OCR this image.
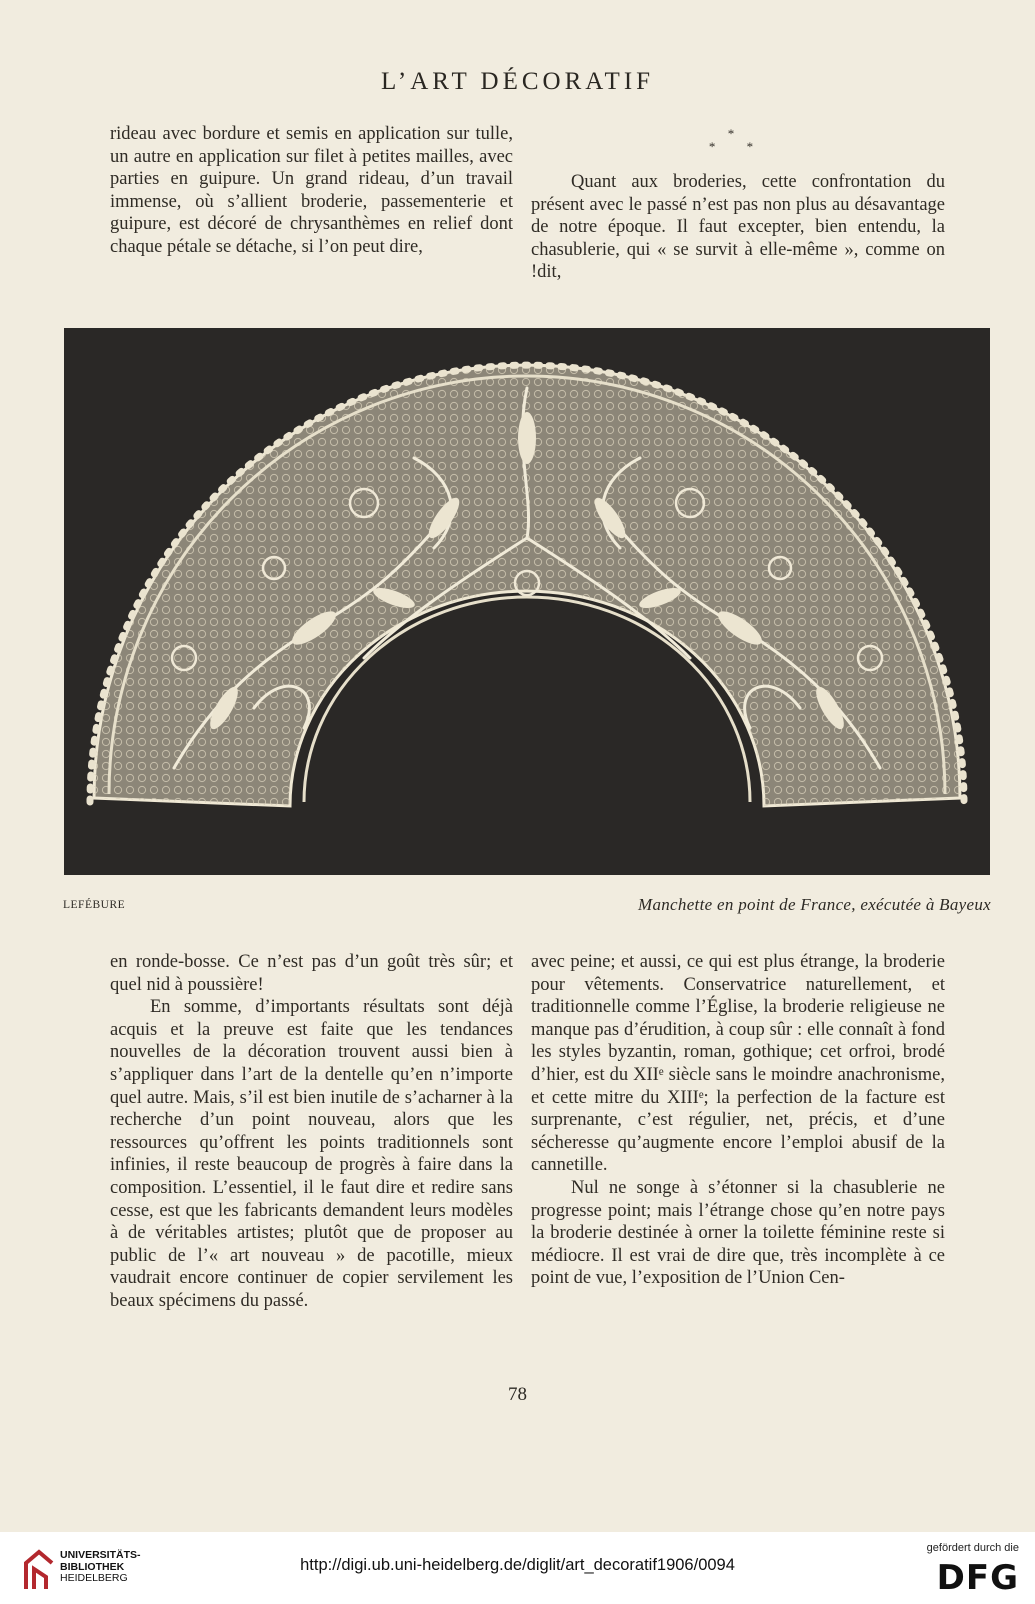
L’ART DÉCORATIF

rideau avec bordure et semis en application sur tulle, un autre en application sur filet à petites mailles, avec parties en guipure. Un grand rideau, d’un travail immense, où s’allient broderie, passementerie et guipure, est décoré de chrysanthèmes en relief dont chaque pétale se détache, si l’on peut dire,

*
* *

Quant aux broderies, cette confrontation du présent avec le passé n’est pas non plus au désavantage de notre époque. Il faut excepter, bien entendu, la chasublerie, qui « se survit à elle-même », comme on !dit,

LEFÉBURE	Manchette en point de France, exécutée à Bayeux

en ronde-bosse. Ce n’est pas d’un goût très sûr; et quel nid à poussière!

En somme, d’importants résultats sont déjà acquis et la preuve est faite que les tendances nouvelles de la décoration trouvent aussi bien à s’appliquer dans l’art de la dentelle qu’en n’importe quel autre. Mais, s’il est bien inutile de s’acharner à la recherche d’un point nouveau, alors que les ressources qu’offrent les points traditionnels sont infinies, il reste beaucoup de progrès à faire dans la composition. L’essentiel, il le faut dire et redire sans cesse, est que les fabricants demandent leurs modèles à de véritables artistes; plutôt que de proposer au public de l’« art nouveau » de pacotille, mieux vaudrait encore continuer de copier servilement les beaux spécimens du passé.

avec peine; et aussi, ce qui est plus étrange, la broderie pour vêtements. Conservatrice naturellement, et traditionnelle comme l’Église, la broderie religieuse ne manque pas d’érudition, à coup sûr : elle connaît à fond les styles byzantin, roman, gothique; cet orfroi, brodé d’hier, est du XIIᵉ siècle sans le moindre anachronisme, et cette mitre du XIIIᵉ; la perfection de la facture est surprenante, c’est régulier, net, précis, et d’une sécheresse qu’augmente encore l’emploi abusif de la cannetille.

Nul ne songe à s’étonner si la chasublerie ne progresse point; mais l’étrange chose qu’en notre pays la broderie destinée à orner la toilette féminine reste si médiocre. Il est vrai de dire que, très incomplète à ce point de vue, l’exposition de l’Union Cen-

78
UNIVERSITÄTS-
BIBLIOTHEK
HEIDELBERG
http://digi.ub.uni-heidelberg.de/diglit/art_decoratif1906/0094
gefördert durch die
DFG
